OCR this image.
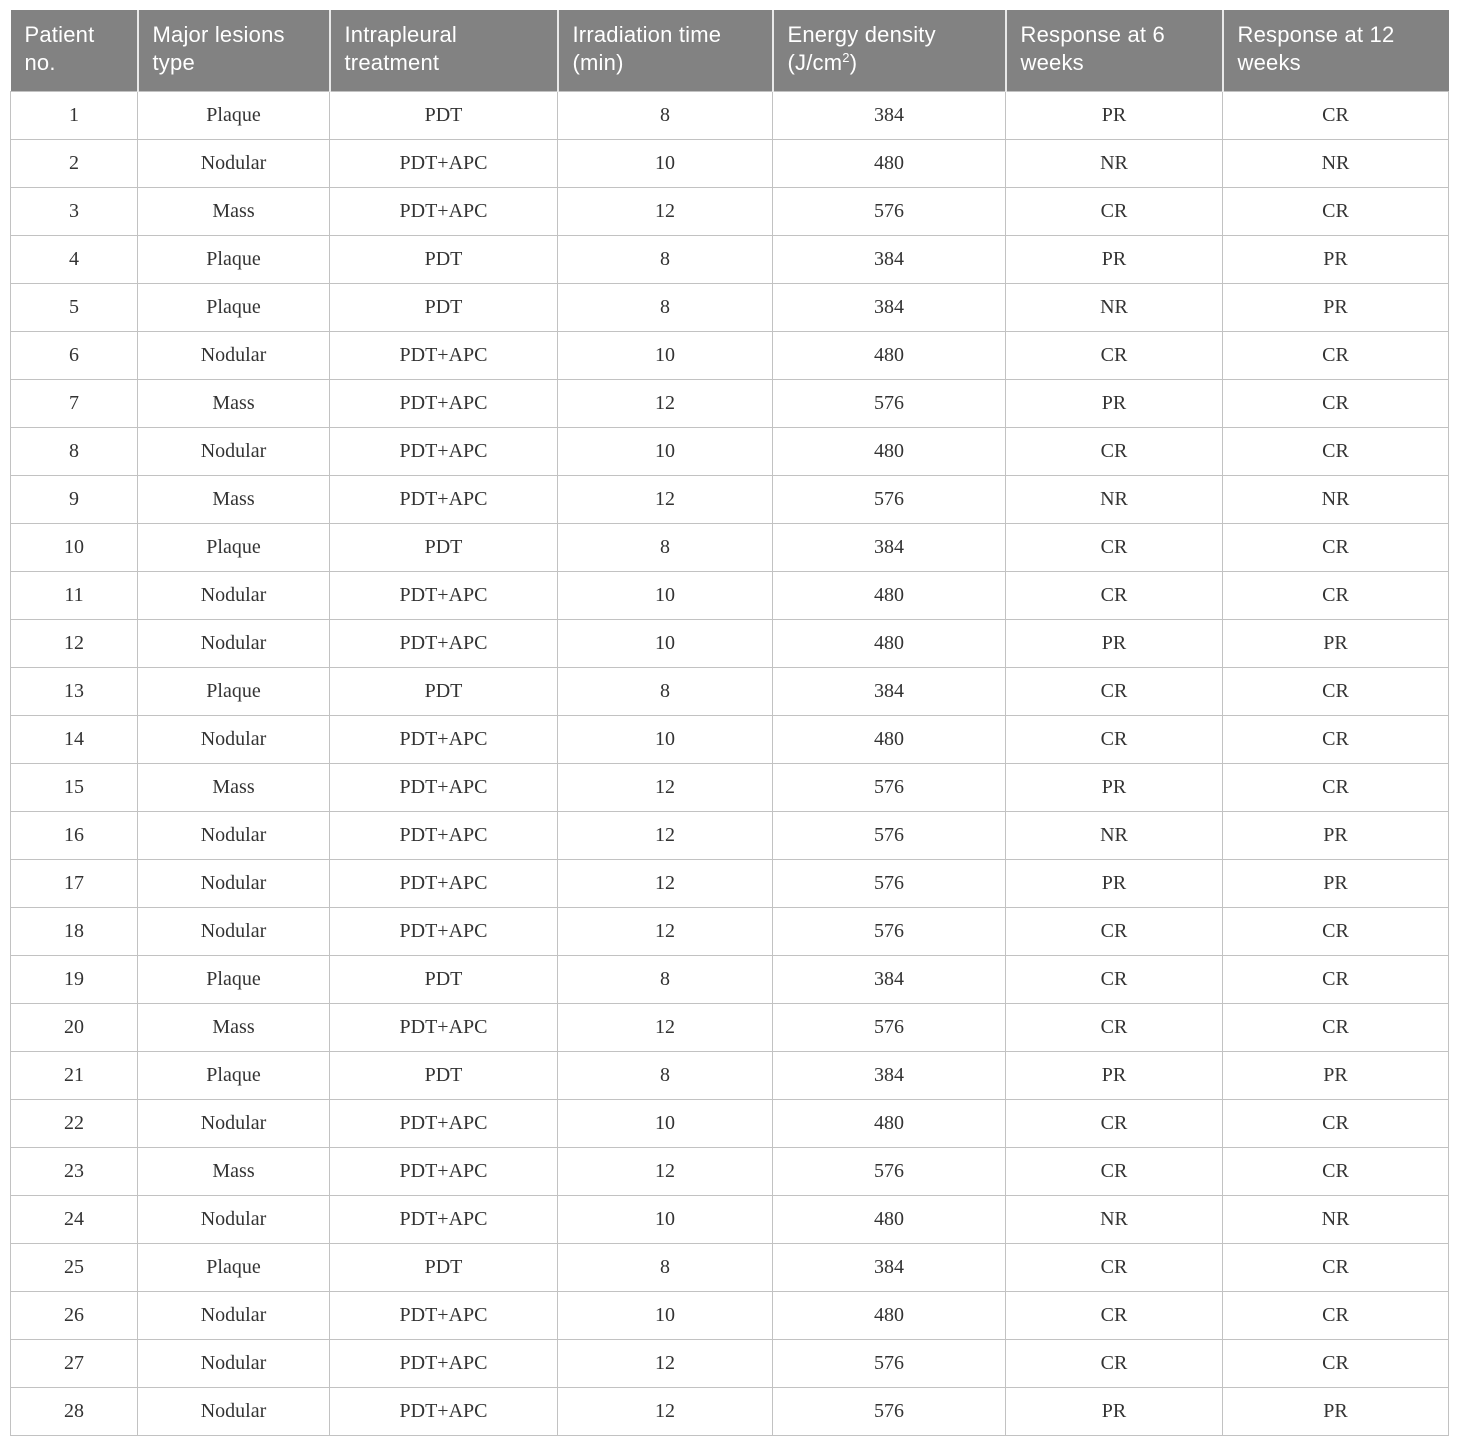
Patient no.	Major lesions type	Intrapleural treatment	Irradiation time (min)	Energy density $(J/cm^2)$	Response at 6 weeks	Response at 12 weeks
1	Plaque	PDT	8	384	PR	CR
2	Nodular	PDT+APC	10	480	NR	NR
3	Mass	PDT+APC	12	576	CR	CR
4	Plaque	PDT	8	384	PR	PR
5	Plaque	PDT	8	384	NR	PR
6	Nodular	PDT+APC	10	480	CR	CR
7	Mass	PDT+APC	12	576	PR	CR
8	Nodular	PDT+APC	10	480	CR	CR
9	Mass	PDT+APC	12	576	NR	NR
10	Plaque	PDT	8	384	CR	CR
11	Nodular	PDT+APC	10	480	CR	CR
12	Nodular	PDT+APC	10	480	PR	PR
13	Plaque	PDT	8	384	CR	CR
14	Nodular	PDT+APC	10	480	CR	CR
15	Mass	PDT+APC	12	576	PR	CR
16	Nodular	PDT+APC	12	576	NR	PR
17	Nodular	PDT+APC	12	576	PR	PR
18	Nodular	PDT+APC	12	576	CR	CR
19	Plaque	PDT	8	384	CR	CR
20	Mass	PDT+APC	12	576	CR	CR
21	Plaque	PDT	8	384	PR	PR
22	Nodular	PDT+APC	10	480	CR	CR
23	Mass	PDT+APC	12	576	CR	CR
24	Nodular	PDT+APC	10	480	NR	NR
25	Plaque	PDT	8	384	CR	CR
26	Nodular	PDT+APC	10	480	CR	CR
27	Nodular	PDT+APC	12	576	CR	CR
28	Nodular	PDT+APC	12	576	PR	PR
